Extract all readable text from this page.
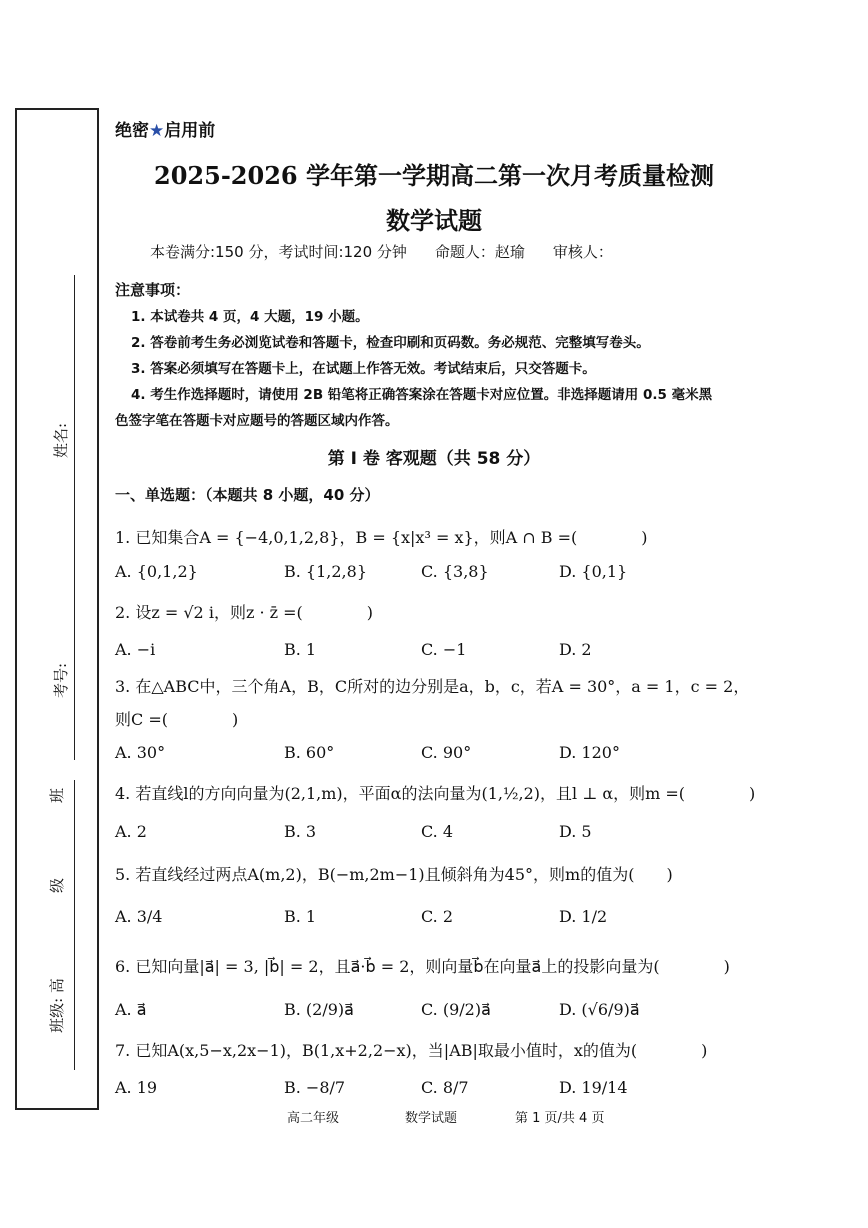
姓名:
考号:
班级: 高
级
班
绝密★启用前
2025-2026 学年第一学期高二第一次月考质量检测
数学试题
本卷满分:150 分，考试时间:120 分钟 命题人：赵瑜 审核人：
注意事项：
1. 本试卷共 4 页，4 大题，19 小题。
2. 答卷前考生务必浏览试卷和答题卡，检查印刷和页码数。务必规范、完整填写卷头。
3. 答案必须填写在答题卡上，在试题上作答无效。考试结束后，只交答题卡。
4. 考生作选择题时，请使用 2B 铅笔将正确答案涂在答题卡对应位置。非选择题请用 0.5 毫米黑
色签字笔在答题卡对应题号的答题区域内作答。
第 I 卷 客观题（共 58 分）
一、单选题：（本题共 8 小题，40 分）
1. 已知集合A = {−4,0,1,2,8}，B = {x|x³ = x}，则A ∩ B =(　　　　)
A. {0,1,2}	B. {1,2,8}	C. {3,8}	D. {0,1}
2. 设z = √2 i，则z · z̄ =(　　　　)
A. −i	B. 1	C. −1	D. 2
3. 在△ABC中，三个角A，B，C所对的边分别是a，b，c，若A = 30°，a = 1，c = 2，
则C =(　　　　)
A. 30°	B. 60°	C. 90°	D. 120°
4. 若直线l的方向向量为(2,1,m)，平面α的法向量为(1,½,2)，且l ⊥ α，则m =(　　　　)
A. 2	B. 3	C. 4	D. 5
5. 若直线经过两点A(m,2)，B(−m,2m−1)且倾斜角为45°，则m的值为(　　)
A. 3/4	B. 1	C. 2	D. 1/2
6. 已知向量|a⃗| = 3, |b⃗| = 2，且a⃗·b⃗ = 2，则向量b⃗在向量a⃗上的投影向量为(　　　　)
A. a⃗	B. (2/9)a⃗	C. (9/2)a⃗	D. (√6/9)a⃗
7. 已知A(x,5−x,2x−1)，B(1,x+2,2−x)，当|AB|取最小值时，x的值为(　　　　)
A. 19	B. −8/7	C. 8/7	D. 19/14
高二年级	数学试题	第 1 页/共 4 页
